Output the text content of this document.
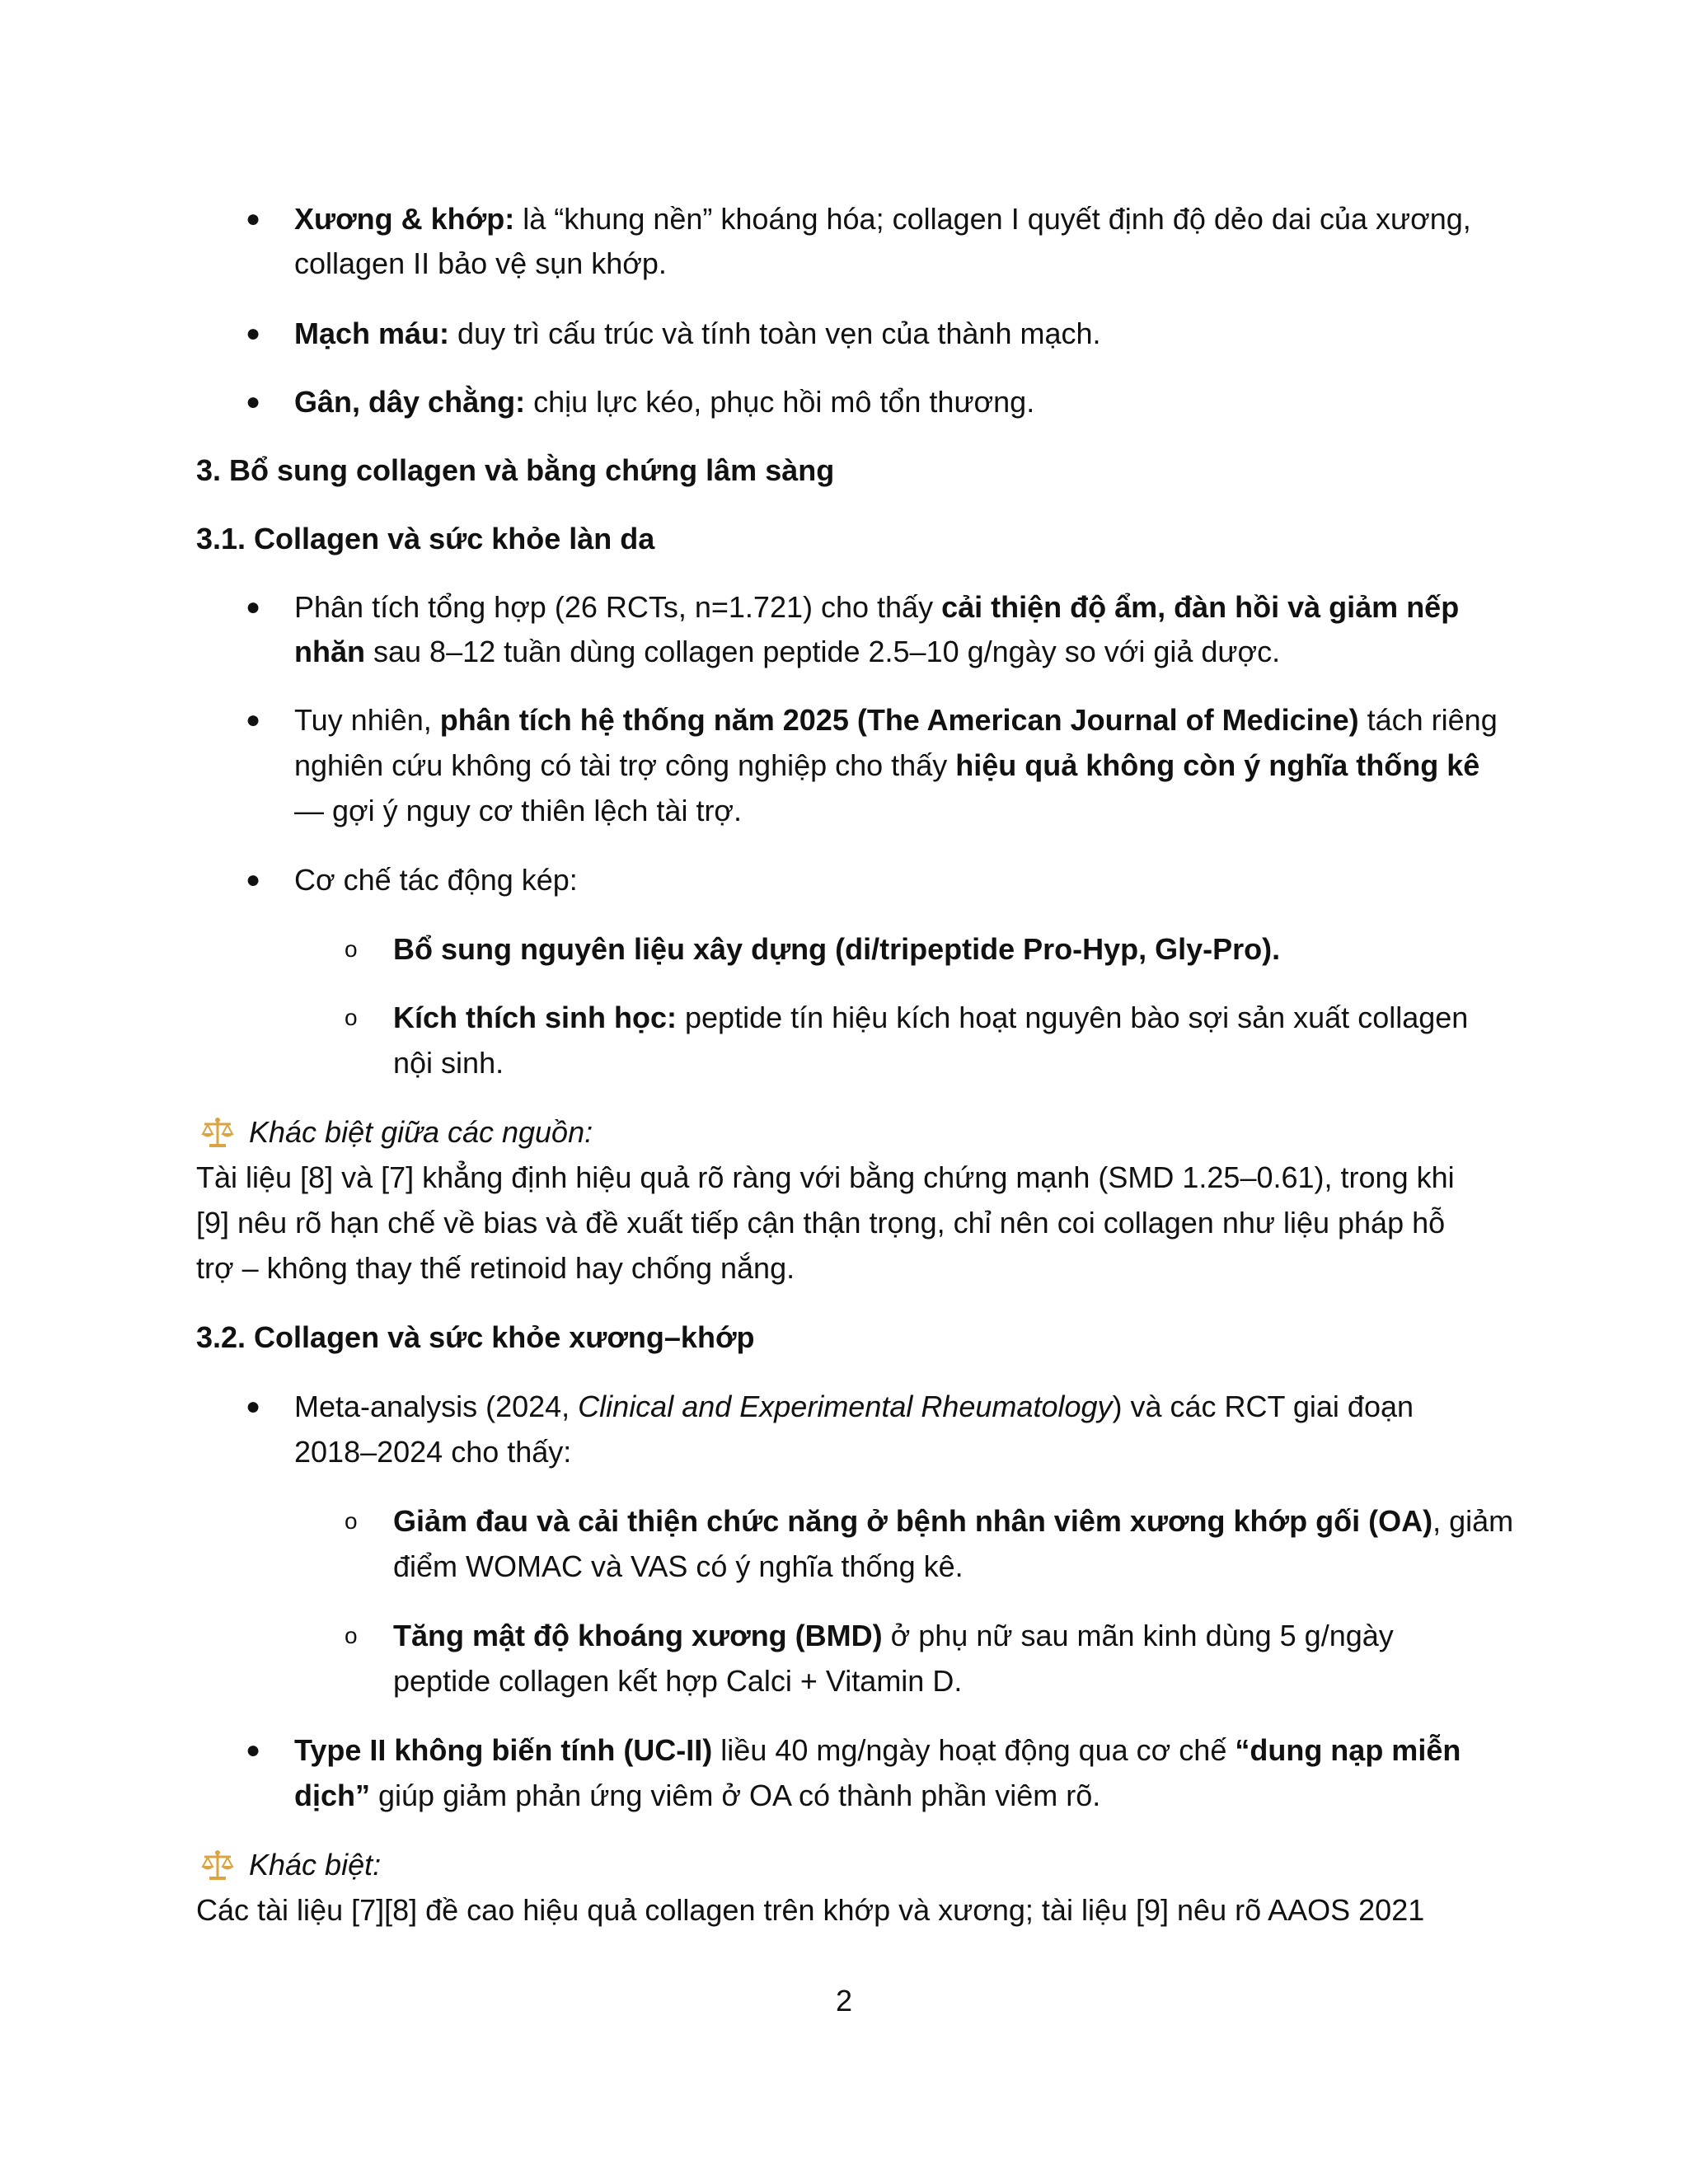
● Xương & khớp: là “khung nền” khoáng hóa; collagen I quyết định độ dẻo dai của xương,
collagen II bảo vệ sụn khớp.
● Mạch máu: duy trì cấu trúc và tính toàn vẹn của thành mạch.
● Gân, dây chằng: chịu lực kéo, phục hồi mô tổn thương.
3. Bổ sung collagen và bằng chứng lâm sàng
3.1. Collagen và sức khỏe làn da
● Phân tích tổng hợp (26 RCTs, n=1.721) cho thấy cải thiện độ ẩm, đàn hồi và giảm nếp
nhăn sau 8–12 tuần dùng collagen peptide 2.5–10 g/ngày so với giả dược.
● Tuy nhiên, phân tích hệ thống năm 2025 (The American Journal of Medicine) tách riêng
nghiên cứu không có tài trợ công nghiệp cho thấy hiệu quả không còn ý nghĩa thống kê
— gợi ý nguy cơ thiên lệch tài trợ.
● Cơ chế tác động kép:
o Bổ sung nguyên liệu xây dựng (di/tripeptide Pro-Hyp, Gly-Pro).
o Kích thích sinh học: peptide tín hiệu kích hoạt nguyên bào sợi sản xuất collagen
nội sinh.
Khác biệt giữa các nguồn:
Tài liệu [8] và [7] khẳng định hiệu quả rõ ràng với bằng chứng mạnh (SMD 1.25–0.61), trong khi
[9] nêu rõ hạn chế về bias và đề xuất tiếp cận thận trọng, chỉ nên coi collagen như liệu pháp hỗ
trợ – không thay thế retinoid hay chống nắng.
3.2. Collagen và sức khỏe xương–khớp
● Meta-analysis (2024, Clinical and Experimental Rheumatology) và các RCT giai đoạn
2018–2024 cho thấy:
o Giảm đau và cải thiện chức năng ở bệnh nhân viêm xương khớp gối (OA), giảm
điểm WOMAC và VAS có ý nghĩa thống kê.
o Tăng mật độ khoáng xương (BMD) ở phụ nữ sau mãn kinh dùng 5 g/ngày
peptide collagen kết hợp Calci + Vitamin D.
● Type II không biến tính (UC-II) liều 40 mg/ngày hoạt động qua cơ chế “dung nạp miễn
dịch” giúp giảm phản ứng viêm ở OA có thành phần viêm rõ.
Khác biệt:
Các tài liệu [7][8] đề cao hiệu quả collagen trên khớp và xương; tài liệu [9] nêu rõ AAOS 2021
2
